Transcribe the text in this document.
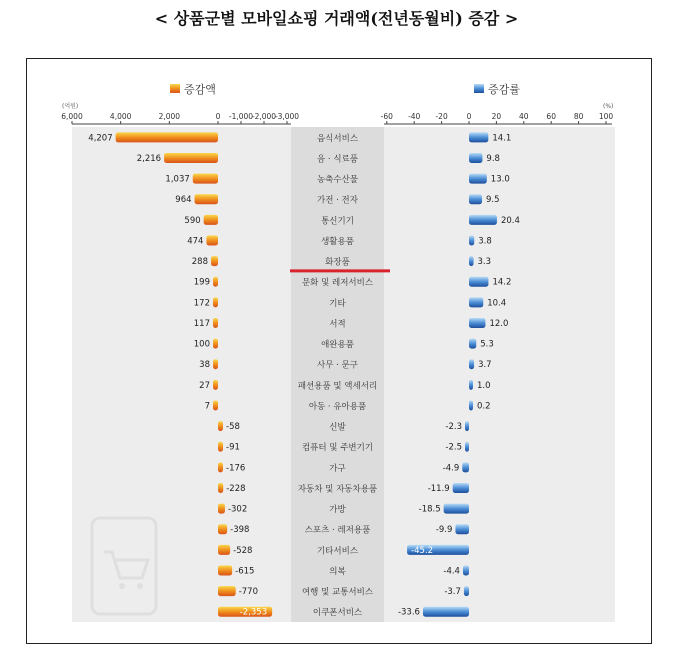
< 상품군별 모바일쇼핑 거래액(전년동월비) 증감 >
증감액	증감률
(억원)	(%)
6,000	4,000	2,000	0 -1,000
-2,000
-3,000	-60 -40 -20	0	20 40 60 80 100
음식서비스
4,207	14.1
음 · 식료품
2,216	9.8
농축수산물
1,037	13.0
가전 · 전자
964	9.5
통신기기
590	20.4
생활용품
474	3.8
화장품
288	3.3
문화 및 레저서비스
199	14.2
기타
172	10.4
서적
117	12.0
애완용품
100	5.3
사무 · 문구
38	3.7
패션용품 및 액세서리
27	1.0
아동 · 유아용품
7	0.2
신발
-58	-2.3
컴퓨터 및 주변기기
-91	-2.5
가구
-176	-4.9
자동차 및 자동차용품
-228	-11.9
가방
-302	-18.5
스포츠 · 레저용품
-398	-9.9
기타서비스
-528	-45.2
의복
-615	-4.4
여행 및 교통서비스
-770	-3.7
이쿠폰서비스
-2,353	-33.6
